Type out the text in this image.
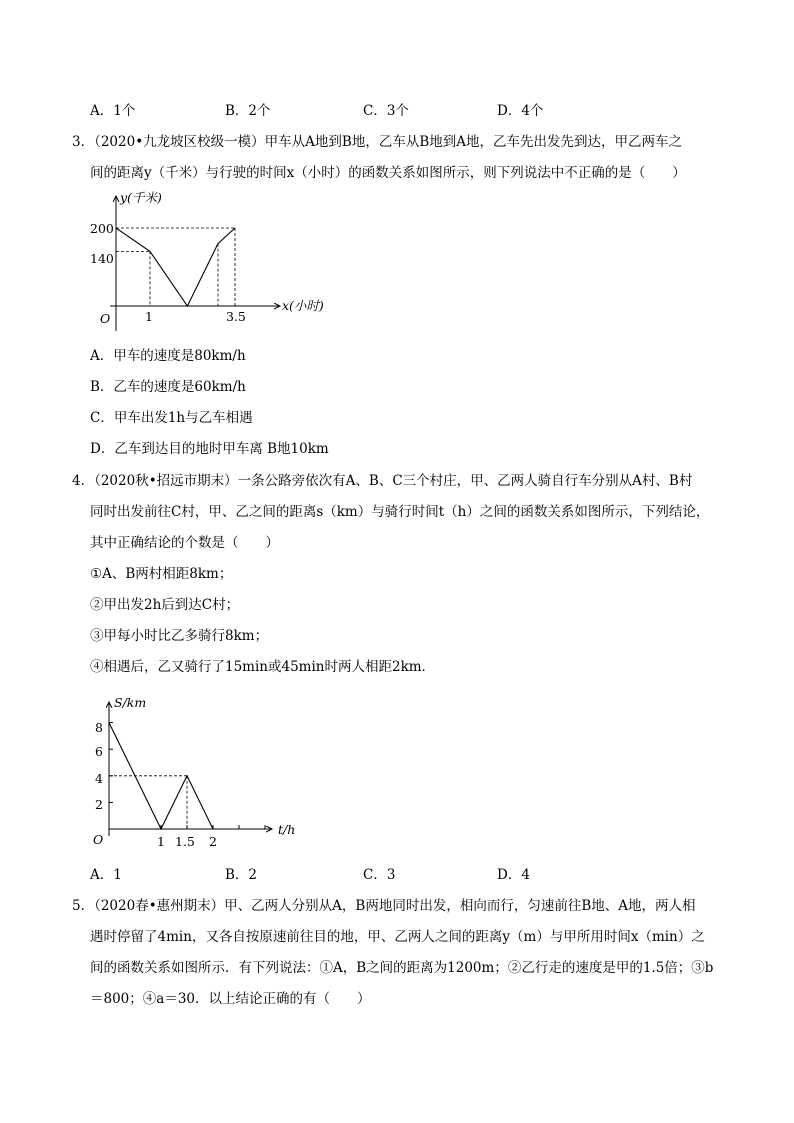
A．1个	B．2个	C．3个	D．4个
3．（2020•九龙坡区校级一模）甲车从A地到B地，乙车从B地到A地，乙车先出发先到达，甲乙两车之
间的距离y（千米）与行驶的时间x（小时）的函数关系如图所示，则下列说法中不正确的是（　　）
y(千米)
x(小时)
O
200
140
1	3.5
A．甲车的速度是80km/h
B．乙车的速度是60km/h
C．甲车出发1h与乙车相遇
D．乙车到达目的地时甲车离 B地10km
4．（2020秋•招远市期末）一条公路旁依次有A、B、C三个村庄，甲、乙两人骑自行车分别从A村、B村
同时出发前往C村，甲、乙之间的距离s（km）与骑行时间t（h）之间的函数关系如图所示，下列结论，
其中正确结论的个数是（　　）
①A、B两村相距8km；
②甲出发2h后到达C村；
③甲每小时比乙多骑行8km；
④相遇后，乙又骑行了15min或45min时两人相距2km．
S/km
t/h
O
8
6
4
2
1 1.5 2
A．1	B．2	C．3	D．4
5．（2020春•惠州期末）甲、乙两人分别从A，B两地同时出发，相向而行，匀速前往B地、A地，两人相
遇时停留了4min，又各自按原速前往目的地，甲、乙两人之间的距离y（m）与甲所用时间x（min）之
间的函数关系如图所示．有下列说法：①A，B之间的距离为1200m；②乙行走的速度是甲的1.5倍；③b
＝800；④a＝30．以上结论正确的有（　　）
